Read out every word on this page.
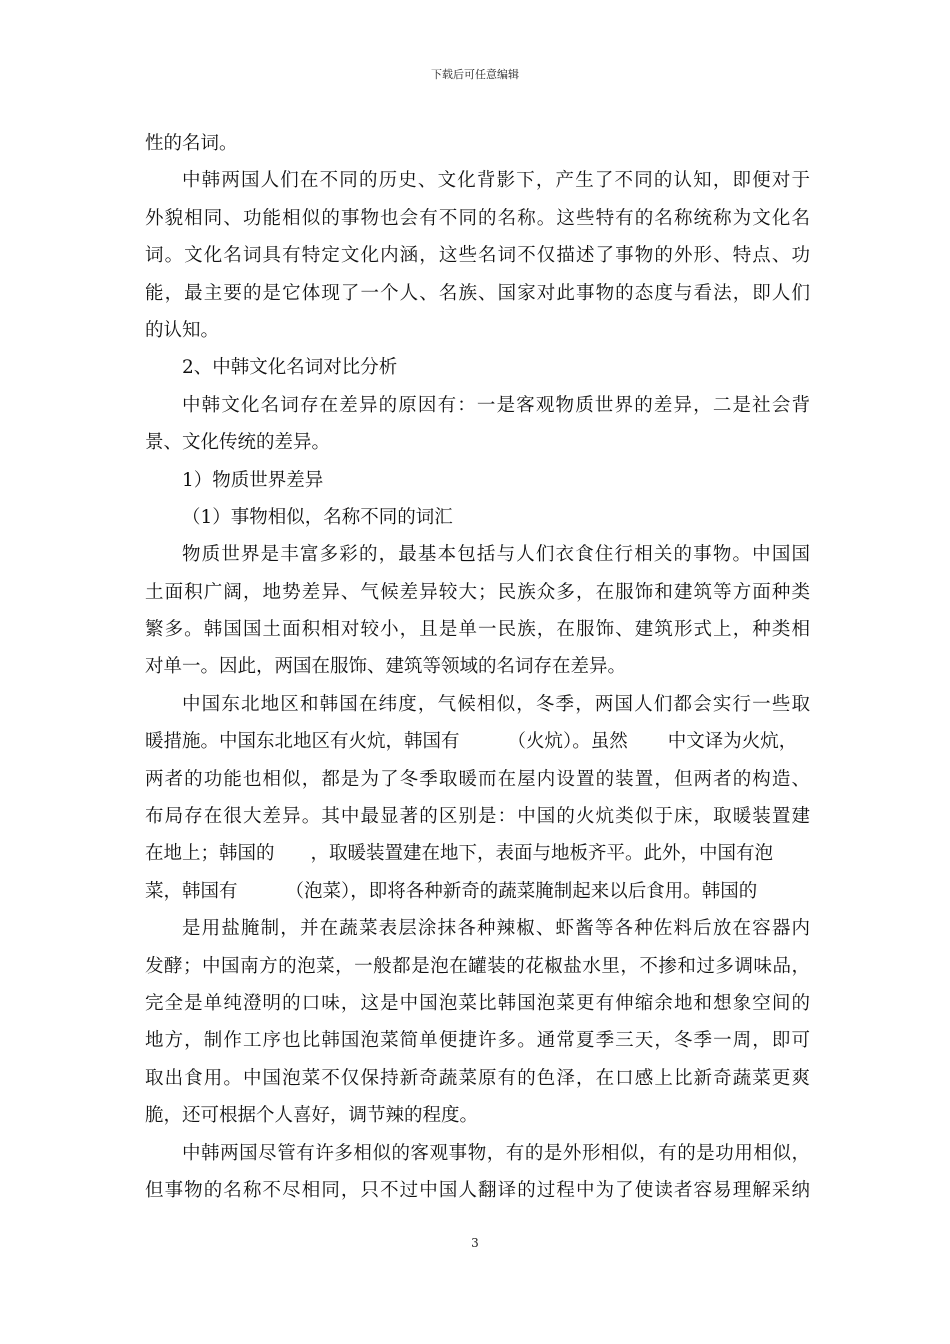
下载后可任意编辑
性的名词。
中韩两国人们在不同的历史、文化背影下，产生了不同的认知，即便对于
外貌相同、功能相似的事物也会有不同的名称。这些特有的名称统称为文化名
词。文化名词具有特定文化内涵，这些名词不仅描述了事物的外形、特点、功
能，最主要的是它体现了一个人、名族、国家对此事物的态度与看法，即人们
的认知。
2、中韩文化名词对比分析
中韩文化名词存在差异的原因有：一是客观物质世界的差异，二是社会背
景、文化传统的差异。
1）物质世界差异
（1）事物相似，名称不同的词汇
物质世界是丰富多彩的，最基本包括与人们衣食住行相关的事物。中国国
土面积广阔，地势差异、气候差异较大；民族众多，在服饰和建筑等方面种类
繁多。韩国国土面积相对较小，且是单一民族，在服饰、建筑形式上，种类相
对单一。因此，两国在服饰、建筑等领域的名词存在差异。
中国东北地区和韩国在纬度，气候相似，冬季，两国人们都会实行一些取
暖措施。中国东北地区有火炕，韩国有	（火炕）。虽然 中文译为火炕，
两者的功能也相似，都是为了冬季取暖而在屋内设置的装置，但两者的构造、
布局存在很大差异。其中最显著的区别是：中国的火炕类似于床，取暖装置建
在地上；韩国的 ，取暖装置建在地下，表面与地板齐平。此外，中国有泡
菜，韩国有	（泡菜），即将各种新奇的蔬菜腌制起来以后食用。韩国的
是用盐腌制，并在蔬菜表层涂抹各种辣椒、虾酱等各种佐料后放在容器内
发酵；中国南方的泡菜，一般都是泡在罐装的花椒盐水里，不掺和过多调味品，
完全是单纯澄明的口味，这是中国泡菜比韩国泡菜更有伸缩余地和想象空间的
地方，制作工序也比韩国泡菜简单便捷许多。通常夏季三天，冬季一周，即可
取出食用。中国泡菜不仅保持新奇蔬菜原有的色泽，在口感上比新奇蔬菜更爽
脆，还可根据个人喜好，调节辣的程度。
中韩两国尽管有许多相似的客观事物，有的是外形相似，有的是功用相似，
但事物的名称不尽相同，只不过中国人翻译的过程中为了使读者容易理解采纳
3
